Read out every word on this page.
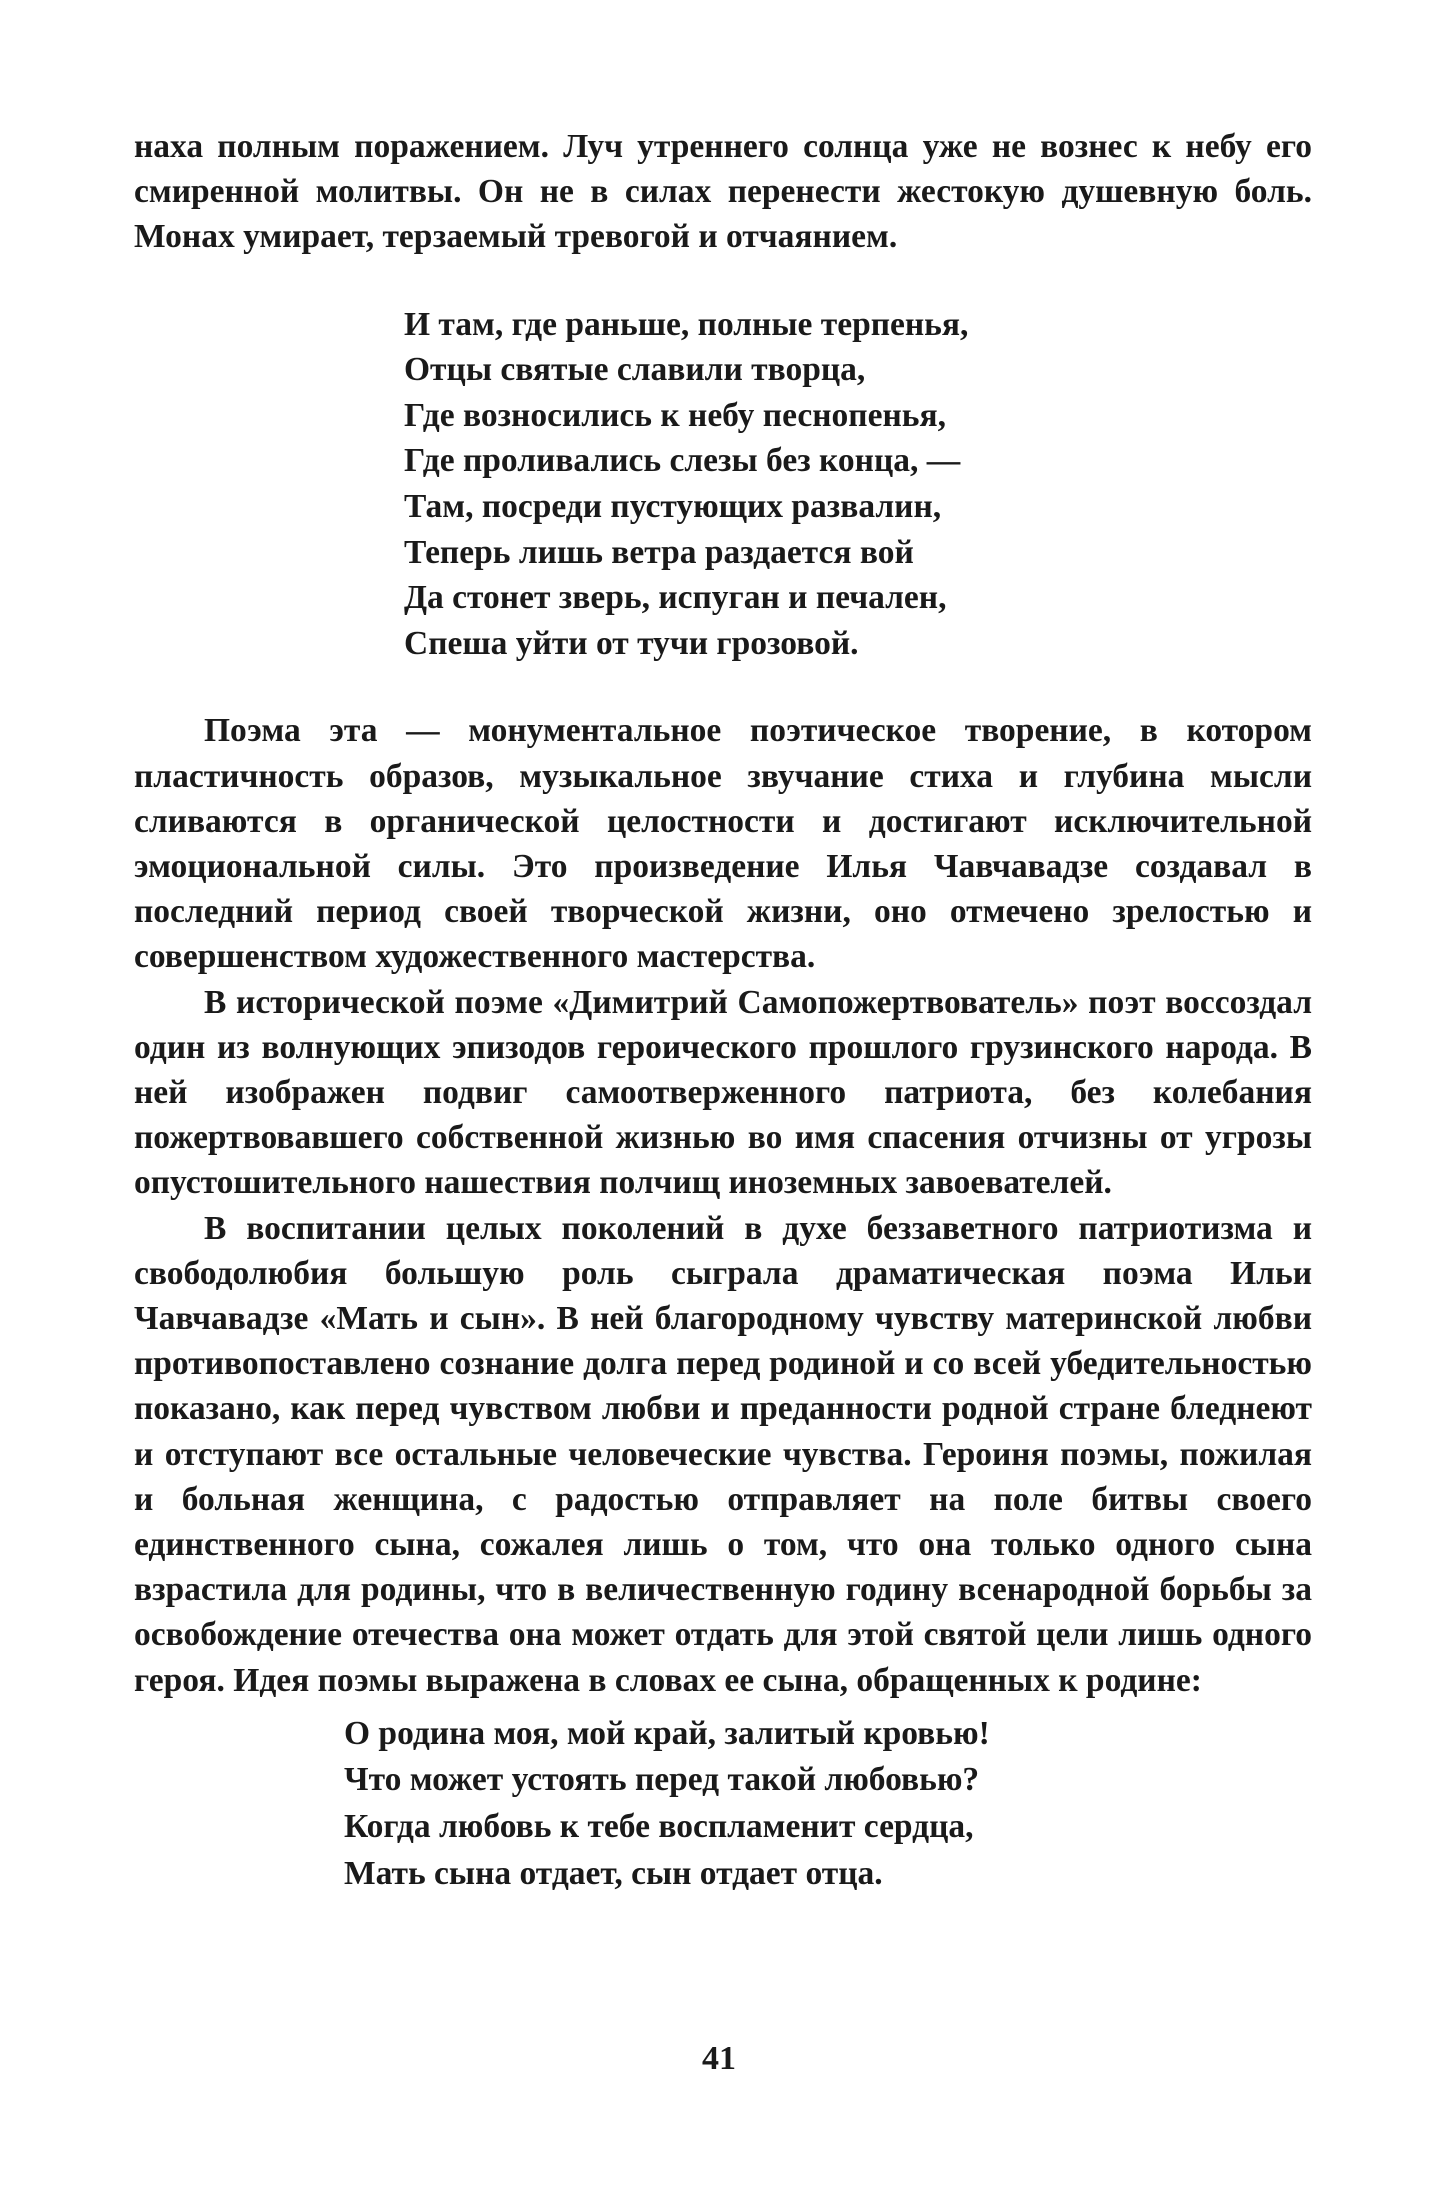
наха полным поражением. Луч утреннего солнца уже не вознес к небу его смиренной молитвы. Он не в силах перенести жестокую душевную боль. Монах умирает, терзаемый тревогой и отчаянием.

И там, где раньше, полные терпенья,
Отцы святые славили творца,
Где возносились к небу песнопенья,
Где проливались слезы без конца, —
Там, посреди пустующих развалин,
Теперь лишь ветра раздается вой
Да стонет зверь, испуган и печален,
Спеша уйти от тучи грозовой.

Поэма эта — монументальное поэтическое творение, в котором пластичность образов, музыкальное звучание стиха и глубина мысли сливаются в органической целостности и достигают исключительной эмоциональной силы. Это произведение Илья Чавчавадзе создавал в последний период своей творческой жизни, оно отмечено зрелостью и совершенством художественного мастерства.

В исторической поэме «Димитрий Самопожертвователь» поэт воссоздал один из волнующих эпизодов героического прошлого грузинского народа. В ней изображен подвиг самоотверженного патриота, без колебания пожертвовавшего собственной жизнью во имя спасения отчизны от угрозы опустошительного нашествия полчищ иноземных завоевателей.

В воспитании целых поколений в духе беззаветного патриотизма и свободолюбия большую роль сыграла драматическая поэма Ильи Чавчавадзе «Мать и сын». В ней благородному чувству материнской любви противопоставлено сознание долга перед родиной и со всей убедительностью показано, как перед чувством любви и преданности родной стране бледнеют и отступают все остальные человеческие чувства. Героиня поэмы, пожилая и больная женщина, с радостью отправляет на поле битвы своего единственного сына, сожалея лишь о том, что она только одного сына взрастила для родины, что в величественную годину всенародной борьбы за освобождение отечества она может отдать для этой святой цели лишь одного героя. Идея поэмы выражена в словах ее сына, обращенных к родине:

О родина моя, мой край, залитый кровью!
Что может устоять перед такой любовью?
Когда любовь к тебе воспламенит сердца,
Мать сына отдает, сын отдает отца.
41
